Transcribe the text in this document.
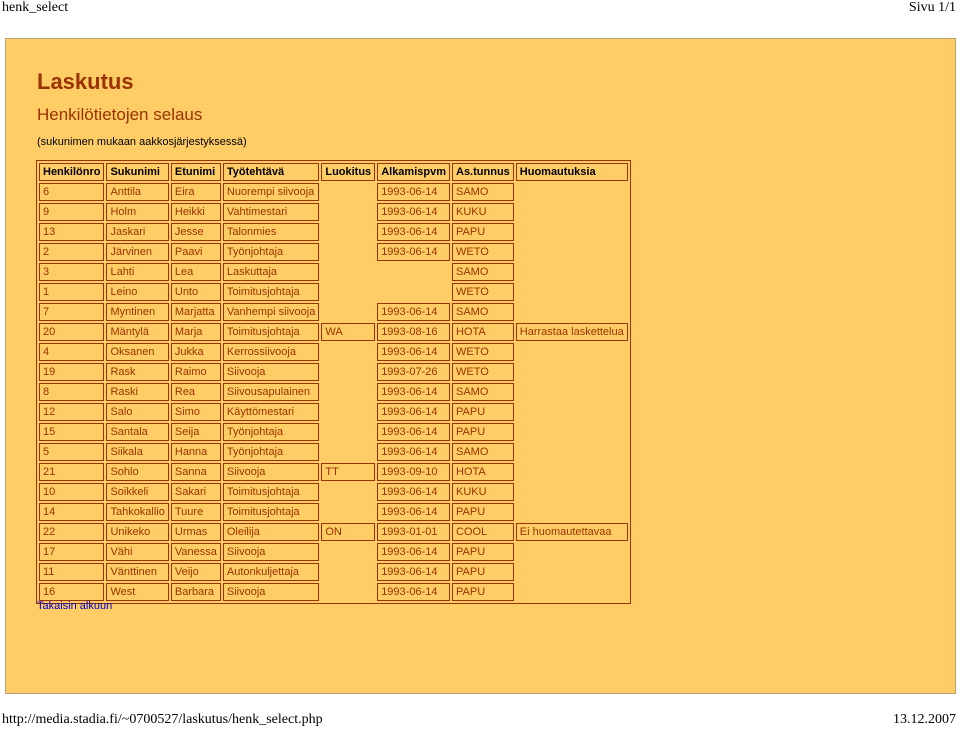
henk_select	Sivu 1/1
Laskutus
Henkilötietojen selaus

(sukunimen mukaan aakkosjärjestyksessä)

Henkilönro	Sukunimi	Etunimi	Työtehtävä	Luokitus	Alkamispvm	As.tunnus	Huomautuksia
6	Anttila	Eira	Nuorempi siivooja		1993-06-14	SAMO	
9	Holm	Heikki	Vahtimestari		1993-06-14	KUKU	
13	Jaskari	Jesse	Talonmies		1993-06-14	PAPU	
2	Järvinen	Paavi	Työnjohtaja		1993-06-14	WETO	
3	Lahti	Lea	Laskuttaja			SAMO	
1	Leino	Unto	Toimitusjohtaja			WETO	
7	Myntinen	Marjatta	Vanhempi siivooja		1993-06-14	SAMO	
20	Mäntylä	Marja	Toimitusjohtaja	WA	1993-08-16	HOTA	Harrastaa laskettelua
4	Oksanen	Jukka	Kerrossiivooja		1993-06-14	WETO	
19	Rask	Raimo	Siivooja		1993-07-26	WETO	
8	Raski	Rea	Siivousapulainen		1993-06-14	SAMO	
12	Salo	Simo	Käyttömestari		1993-06-14	PAPU	
15	Santala	Seija	Työnjohtaja		1993-06-14	PAPU	
5	Siikala	Hanna	Työnjohtaja		1993-06-14	SAMO	
21	Sohlo	Sanna	Siivooja	TT	1993-09-10	HOTA	
10	Soikkeli	Sakari	Toimitusjohtaja		1993-06-14	KUKU	
14	Tahkokallio	Tuure	Toimitusjohtaja		1993-06-14	PAPU	
22	Unikeko	Urmas	Oleilija	ON	1993-01-01	COOL	Ei huomautettavaa
17	Vähi	Vanessa	Siivooja		1993-06-14	PAPU	
11	Vänttinen	Veijo	Autonkuljettaja		1993-06-14	PAPU	
16	West	Barbara	Siivooja		1993-06-14	PAPU	
Takaisin alkuun
http://media.stadia.fi/~0700527/laskutus/henk_select.php	13.12.2007
